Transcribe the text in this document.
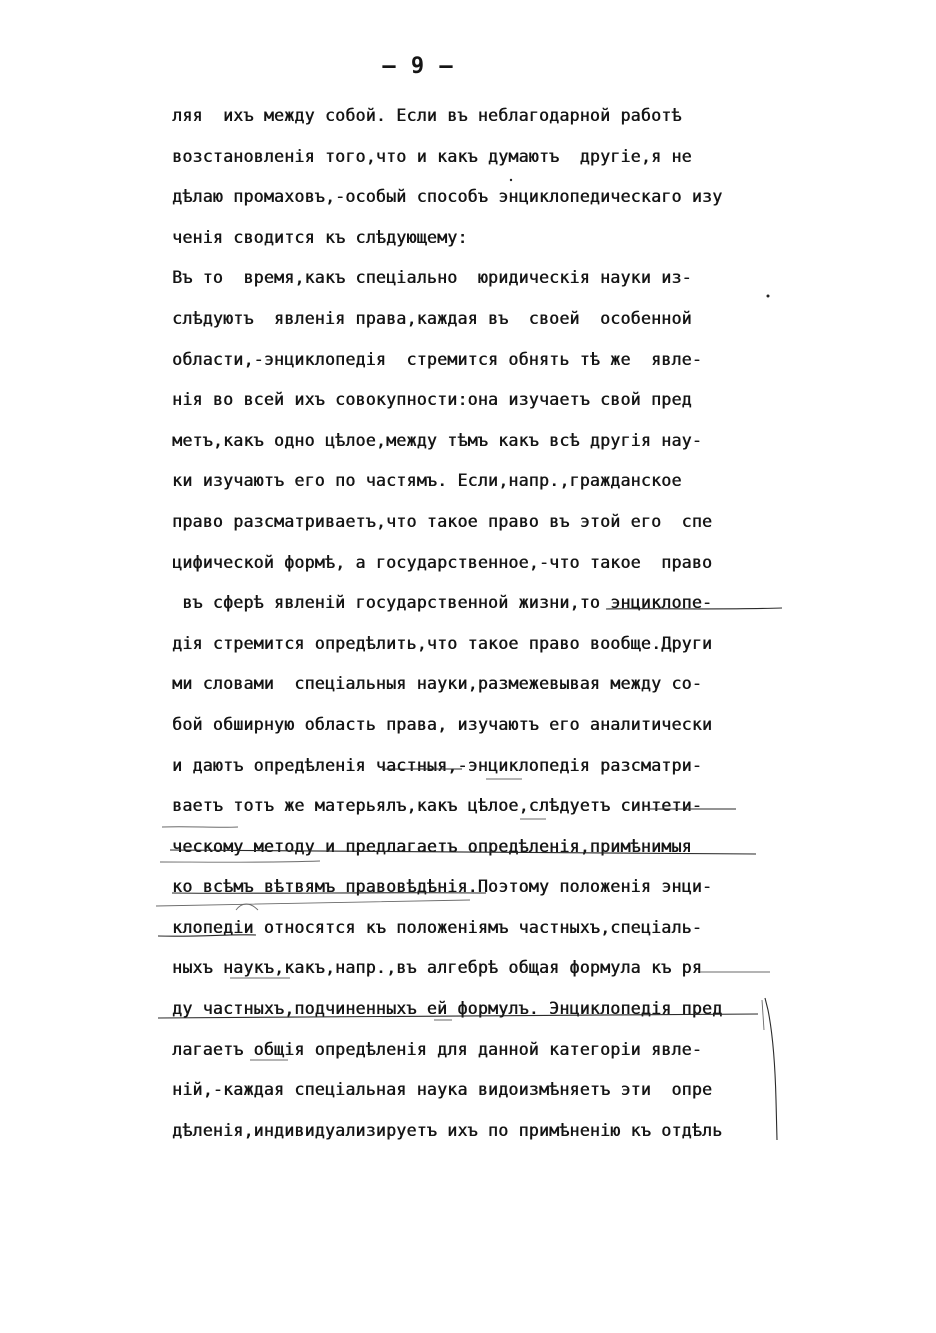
– 9 –
ляя  ихъ между собой. Если въ неблагодарной работѣ
возстановленія того,что и какъ думаютъ  другіе,я не
дѣлаю промаховъ,-особый способъ энциклопедическаго изу
ченія сводится къ слѣдующему:
Въ то  время,какъ спеціально  юридическія науки из-
слѣдуютъ  явленія права,каждая въ  своей  особенной
области,-энциклопедія  стремится обнять тѣ же  явле-
нія во всей ихъ совокупности:она изучаетъ свой пред
метъ,какъ одно цѣлое,между тѣмъ какъ всѣ другія нау-
ки изучаютъ его по частямъ. Если,напр.,гражданское
право разсматриваетъ,что такое право въ этой его  спе
цифической формѣ, а государственное,-что такое  право
въ сферѣ явленій государственной жизни,то энциклопе-
дія стремится опредѣлить,что такое право вообще.Други
ми словами  спеціальныя науки,размежевывая между со-
бой обширную область права, изучаютъ его аналитически
и даютъ опредѣленія частныя,-энциклопедія разсматри-
ваетъ тотъ же матерьялъ,какъ цѣлое,слѣдуетъ синтети-
ческому методу и предлагаетъ опредѣленія,примѣнимыя
ко всѣмъ вѣтвямъ правовѣдѣнія.Поэтому положенія энци-
клопедіи относятся къ положеніямъ частныхъ,спеціаль-
ныхъ наукъ,какъ,напр.,въ алгебрѣ общая формула къ ря
ду частныхъ,подчиненныхъ ей формулъ. Энциклопедія пред
лагаетъ общія опредѣленія для данной категоріи явле-
ній,-каждая спеціальная наука видоизмѣняетъ эти  опре
дѣленія,индивидуализируетъ ихъ по примѣненію къ отдѣль
